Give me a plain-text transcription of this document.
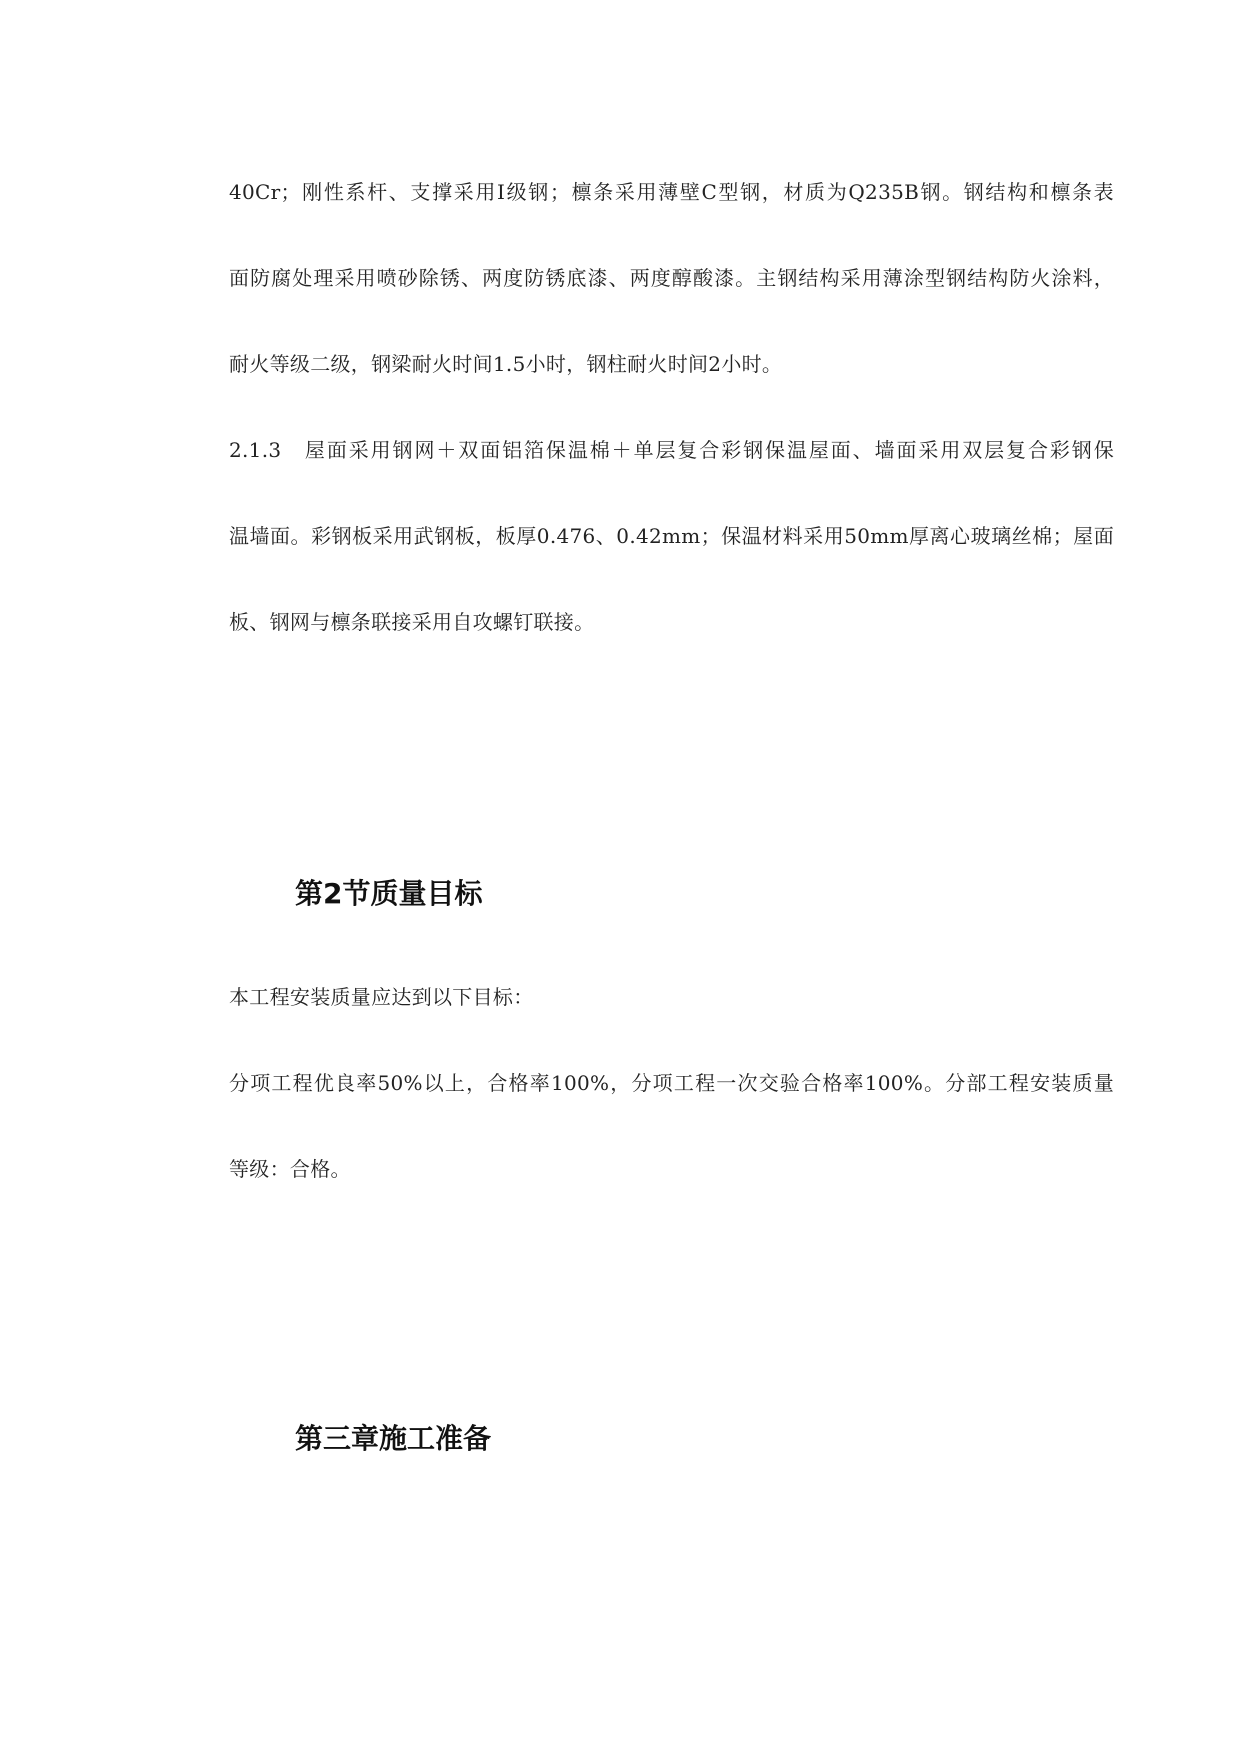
40Cr；刚性系杆、支撑采用Ⅰ级钢；檩条采用薄壁C型钢，材质为Q235B钢。钢结构和檩条表
面防腐处理采用喷砂除锈、两度防锈底漆、两度醇酸漆。主钢结构采用薄涂型钢结构防火涂料，
耐火等级二级，钢梁耐火时间1.5小时，钢柱耐火时间2小时。
2.1.3　屋面采用钢网＋双面铝箔保温棉＋单层复合彩钢保温屋面、墙面采用双层复合彩钢保
温墙面。彩钢板采用武钢板，板厚0.476、0.42mm；保温材料采用50mm厚离心玻璃丝棉；屋面
板、钢网与檩条联接采用自攻螺钉联接。
第2节质量目标
本工程安装质量应达到以下目标：
分项工程优良率50%以上，合格率100%，分项工程一次交验合格率100%。分部工程安装质量
等级：合格。
第三章施工准备
